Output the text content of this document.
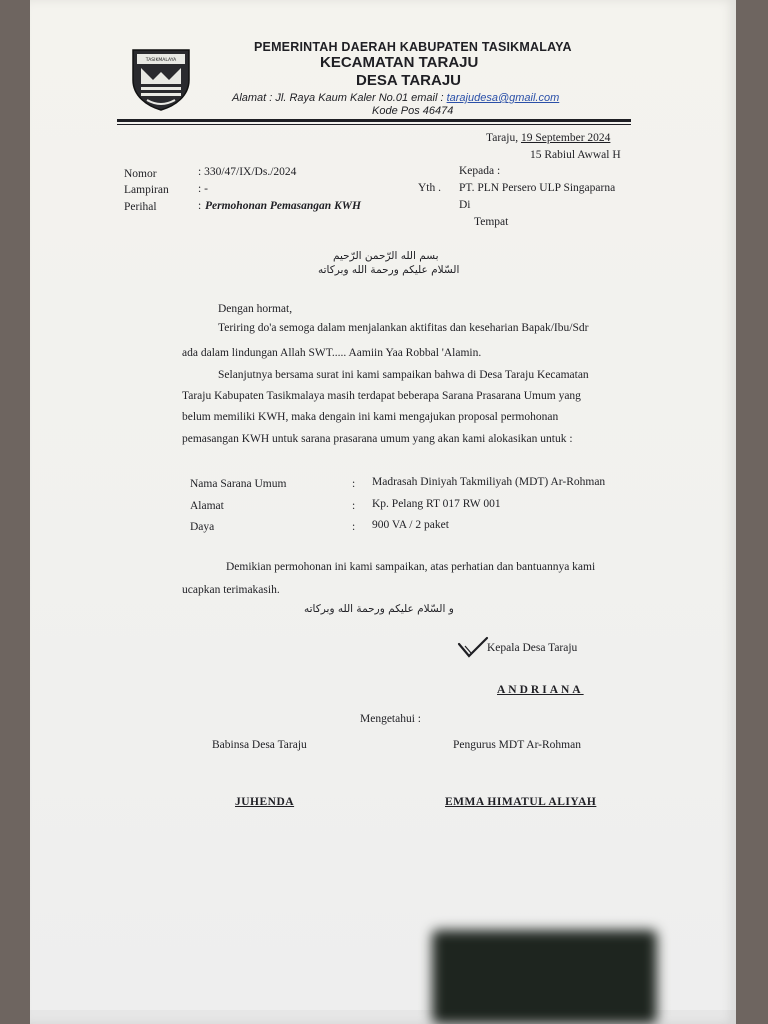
TASIKMALAYA
PEMERINTAH DAERAH KABUPATEN TASIKMALAYA
KECAMATAN TARAJU
DESA TARAJU
Alamat : Jl. Raya Kaum Kaler No.01 email : tarajudesa@gmail.com
Kode Pos 46474
Taraju, 19 September 2024
15 Rabiul Awwal H
Nomor	: 330/47/IX/Ds./2024
Lampiran	: -
Perihal	: Permohonan Pemasangan KWH
Kepada :
Yth . PT. PLN Persero ULP Singaparna
Di
Tempat
بسم الله الرّحمن الرّحيم
السّلام عليكم ورحمة الله وبركاته
Dengan hormat,
Teriring do'a semoga dalam menjalankan aktifitas dan keseharian Bapak/Ibu/Sdr
ada dalam lindungan Allah SWT..... Aamiin Yaa Robbal 'Alamin.
Selanjutnya bersama surat ini kami sampaikan bahwa di Desa Taraju Kecamatan
Taraju Kabupaten Tasikmalaya masih terdapat beberapa Sarana Prasarana Umum yang
belum memiliki KWH, maka dengain ini kami mengajukan proposal permohonan
pemasangan KWH untuk sarana prasarana umum yang akan kami alokasikan untuk :
Nama Sarana Umum	: Madrasah Diniyah Takmiliyah (MDT) Ar-Rohman
Alamat	: Kp. Pelang RT 017 RW 001
Daya	: 900 VA / 2 paket
Demikian permohonan ini kami sampaikan, atas perhatian dan bantuannya kami
ucapkan terimakasih.
و السّلام عليكم ورحمة الله وبركاته
Kepala Desa Taraju
ANDRIANA
Mengetahui :
Babinsa Desa Taraju	Pengurus MDT Ar-Rohman
JUHENDA	EMMA HIMATUL ALIYAH
